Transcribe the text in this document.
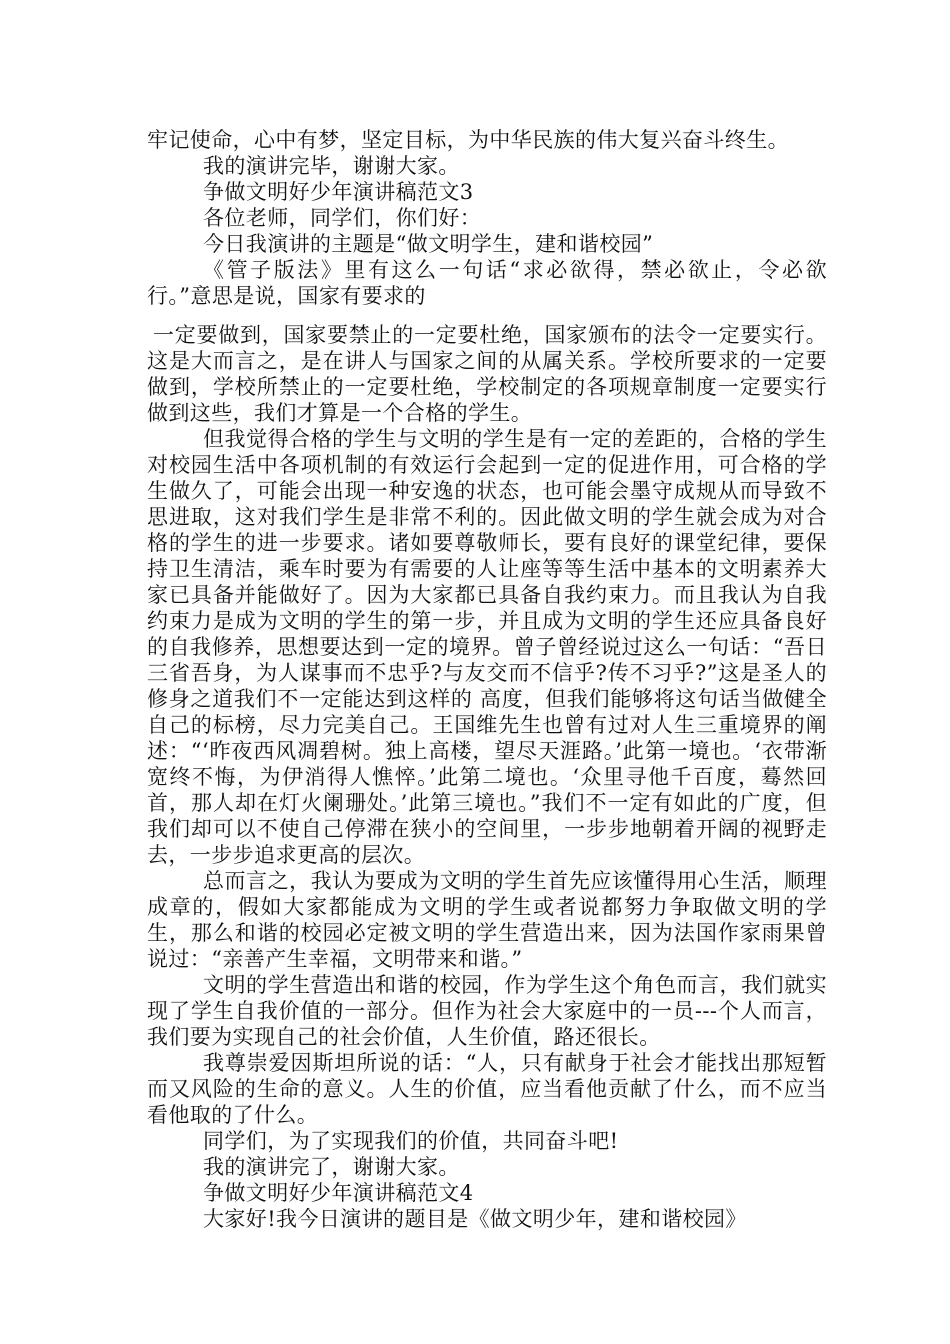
牢记使命，心中有梦，坚定目标，为中华民族的伟大复兴奋斗终生。

我的演讲完毕，谢谢大家。

争做文明好少年演讲稿范文3

各位老师，同学们，你们好：

今日我演讲的主题是“做文明学生，建和谐校园”

《管子版法》里有这么一句话“求必欲得，禁必欲止，令必欲行。”意思是说，国家有要求的

一定要做到，国家要禁止的一定要杜绝，国家颁布的法令一定要实行。这是大而言之，是在讲人与国家之间的从属关系。学校所要求的一定要做到，学校所禁止的一定要杜绝，学校制定的各项规章制度一定要实行做到这些，我们才算是一个合格的学生。

但我觉得合格的学生与文明的学生是有一定的差距的，合格的学生对校园生活中各项机制的有效运行会起到一定的促进作用，可合格的学生做久了，可能会出现一种安逸的状态，也可能会墨守成规从而导致不思进取，这对我们学生是非常不利的。因此做文明的学生就会成为对合格的学生的进一步要求。诸如要尊敬师长，要有良好的课堂纪律，要保持卫生清洁，乘车时要为有需要的人让座等等生活中基本的文明素养大家已具备并能做好了。因为大家都已具备自我约束力。而且我认为自我约束力是成为文明的学生的第一步，并且成为文明的学生还应具备良好的自我修养，思想要达到一定的境界。曾子曾经说过这么一句话：“吾日三省吾身，为人谋事而不忠乎?与友交而不信乎?传不习乎?”这是圣人的修身之道我们不一定能达到这样的 高度，但我们能够将这句话当做健全自己的标榜，尽力完美自己。王国维先生也曾有过对人生三重境界的阐述：“‘昨夜西风凋碧树。独上高楼，望尽天涯路。’此第一境也。‘衣带渐宽终不悔，为伊消得人憔悴。’此第二境也。‘众里寻他千百度，蓦然回首，那人却在灯火阑珊处。’此第三境也。”我们不一定有如此的广度，但我们却可以不使自己停滞在狭小的空间里，一步步地朝着开阔的视野走去，一步步追求更高的层次。

总而言之，我认为要成为文明的学生首先应该懂得用心生活，顺理成章的，假如大家都能成为文明的学生或者说都努力争取做文明的学生，那么和谐的校园必定被文明的学生营造出来，因为法国作家雨果曾说过：“亲善产生幸福，文明带来和谐。”

文明的学生营造出和谐的校园，作为学生这个角色而言，我们就实现了学生自我价值的一部分。但作为社会大家庭中的一员---个人而言，我们要为实现自己的社会价值，人生价值，路还很长。

我尊崇爱因斯坦所说的话：“人，只有献身于社会才能找出那短暂而又风险的生命的意义。人生的价值，应当看他贡献了什么，而不应当看他取的了什么。

同学们，为了实现我们的价值，共同奋斗吧!

我的演讲完了，谢谢大家。

争做文明好少年演讲稿范文4

大家好!我今日演讲的题目是《做文明少年，建和谐校园》
